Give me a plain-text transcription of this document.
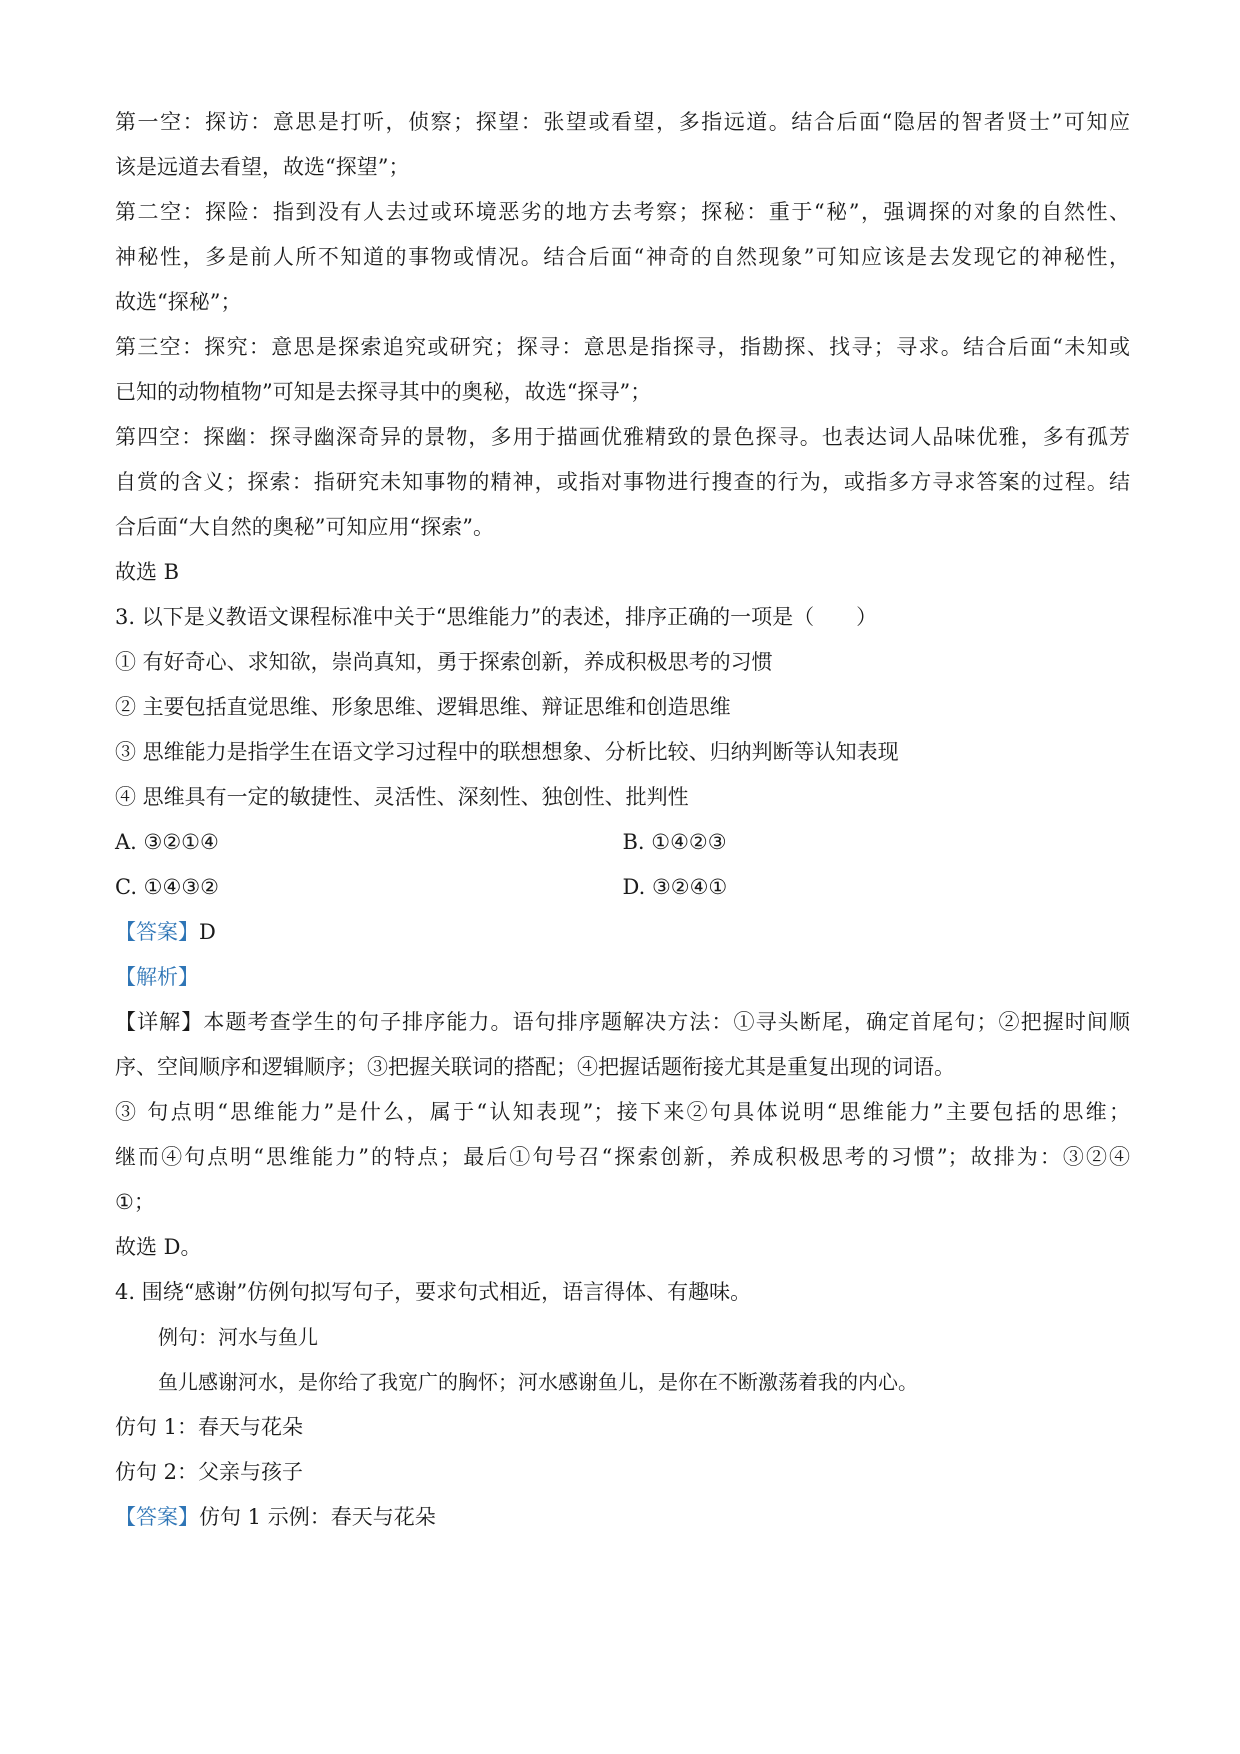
第一空：探访：意思是打听，侦察；探望：张望或看望，多指远道。结合后面“隐居的智者贤士”可知应
该是远道去看望，故选“探望”；
第二空：探险：指到没有人去过或环境恶劣的地方去考察；探秘：重于“秘”，强调探的对象的自然性、
神秘性，多是前人所不知道的事物或情况。结合后面“神奇的自然现象”可知应该是去发现它的神秘性，
故选“探秘”；
第三空：探究：意思是探索追究或研究；探寻：意思是指探寻，指勘探、找寻；寻求。结合后面“未知或
已知的动物植物”可知是去探寻其中的奥秘，故选“探寻”；
第四空：探幽：探寻幽深奇异的景物，多用于描画优雅精致的景色探寻。也表达词人品味优雅，多有孤芳
自赏的含义；探索：指研究未知事物的精神，或指对事物进行搜查的行为，或指多方寻求答案的过程。结
合后面“大自然的奥秘”可知应用“探索”。
故选 B
3. 以下是义教语文课程标准中关于“思维能力”的表述，排序正确的一项是（　　）
① 有好奇心、求知欲，崇尚真知，勇于探索创新，养成积极思考的习惯
② 主要包括直觉思维、形象思维、逻辑思维、辩证思维和创造思维
③ 思维能力是指学生在语文学习过程中的联想想象、分析比较、归纳判断等认知表现
④ 思维具有一定的敏捷性、灵活性、深刻性、独创性、批判性
A. ③②①④	B. ①④②③
C. ①④③②	D. ③②④①
【答案】D
【解析】
【详解】本题考查学生的句子排序能力。语句排序题解决方法：①寻头断尾，确定首尾句；②把握时间顺
序、空间顺序和逻辑顺序；③把握关联词的搭配；④把握话题衔接尤其是重复出现的词语。
③ 句点明“思维能力”是什么，属于“认知表现”；接下来②句具体说明“思维能力”主要包括的思维；
继而④句点明“思维能力”的特点；最后①句号召“探索创新，养成积极思考的习惯”；故排为：③②④
①；
故选 D。
4. 围绕“感谢”仿例句拟写句子，要求句式相近，语言得体、有趣味。
例句：河水与鱼儿
鱼儿感谢河水，是你给了我宽广的胸怀；河水感谢鱼儿，是你在不断激荡着我的内心。
仿句 1：春天与花朵
仿句 2：父亲与孩子
【答案】仿句 1 示例：春天与花朵
